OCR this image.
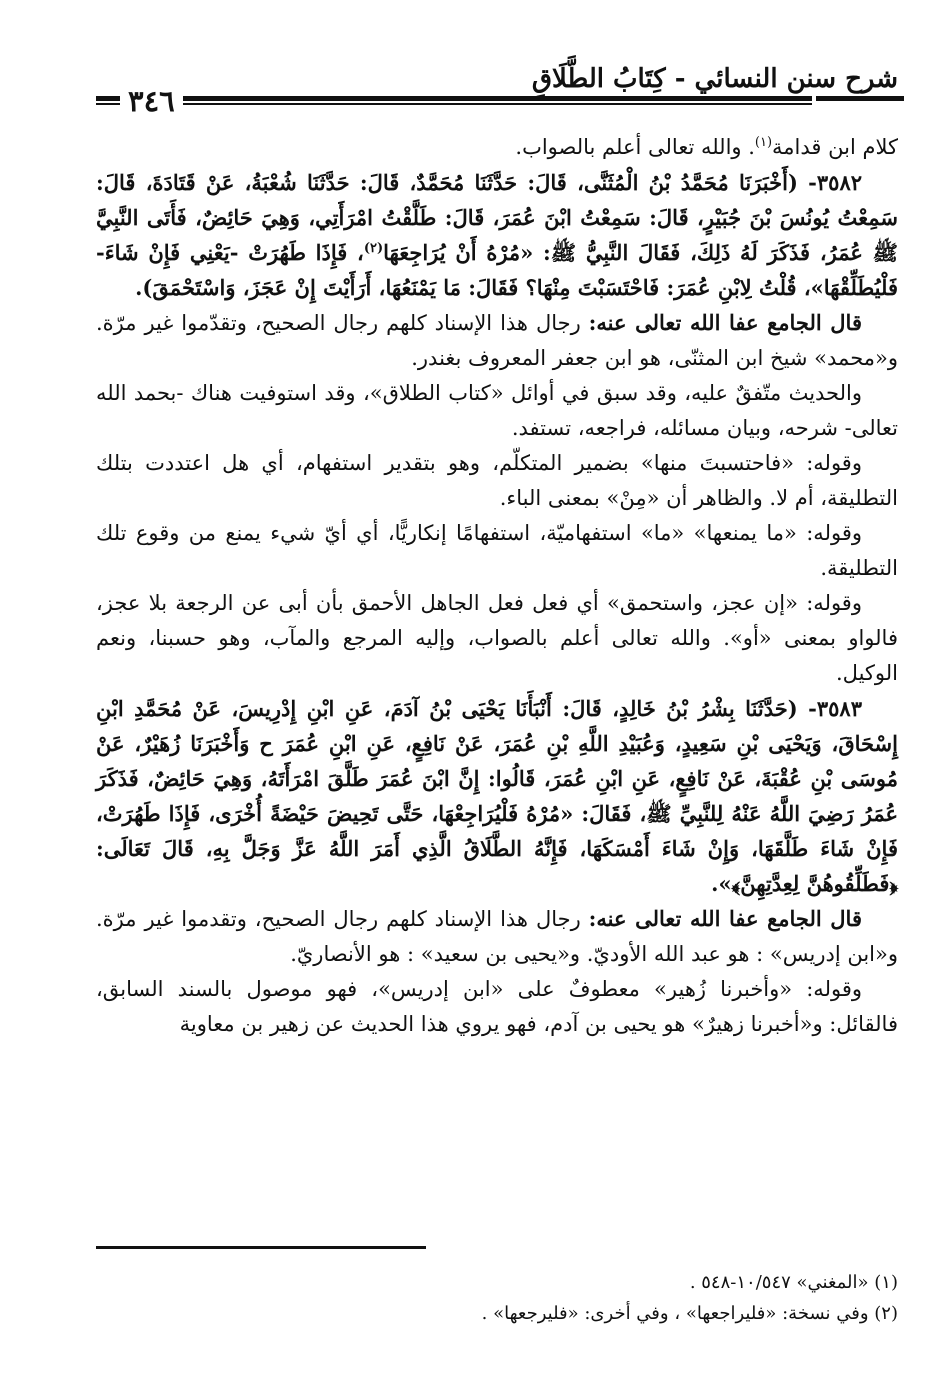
شرح سنن النسائي - كِتَابُ الطَّلَاقِ
٣٤٦

كلام ابن قدامة$^{(١)}$. والله تعالى أعلم بالصواب.

٣٥٨٢- (أَخْبَرَنَا مُحَمَّدُ بْنُ الْمُثَنَّى، قَالَ: حَدَّثَنَا مُحَمَّدٌ، قَالَ: حَدَّثَنَا شُعْبَةُ، عَنْ قَتَادَةَ، قَالَ: سَمِعْتُ يُونُسَ بْنَ جُبَيْرٍ، قَالَ: سَمِعْتُ ابْنَ عُمَرَ، قَالَ: طَلَّقْتُ امْرَأَتِي، وَهِيَ حَائِضٌ، فَأَتَى النَّبِيَّ ﷺ عُمَرُ، فَذَكَرَ لَهُ ذَلِكَ، فَقَالَ النَّبِيُّ ﷺ: «مُرْهُ أَنْ يُرَاجِعَهَا$^{(٢)}$، فَإِذَا طَهُرَتْ -يَعْنِي فَإِنْ شَاءَ- فَلْيُطَلِّقْهَا»، قُلْتُ لِابْنِ عُمَرَ: فَاحْتَسَبْتَ مِنْهَا؟ فَقَالَ: مَا يَمْنَعُهَا، أَرَأَيْتَ إِنْ عَجَزَ، وَاسْتَحْمَقَ).

قال الجامع عفا الله تعالى عنه: رجال هذا الإسناد كلهم رجال الصحيح، وتقدّموا غير مرّة. و«محمد» شيخ ابن المثنّى، هو ابن جعفر المعروف بغندر.

والحديث متّفقٌ عليه، وقد سبق في أوائل «كتاب الطلاق»، وقد استوفيت هناك -بحمد الله تعالى- شرحه، وبيان مسائله، فراجعه، تستفد.

وقوله: «فاحتسبتَ منها» بضمير المتكلّم، وهو بتقدير استفهام، أي هل اعتددت بتلك التطليقة، أم لا. والظاهر أن «مِنْ» بمعنى الباء.

وقوله: «ما يمنعها» «ما» استفهاميّة، استفهامًا إنكاريًّا، أي أيّ شيء يمنع من وقوع تلك التطليقة.

وقوله: «إن عجز، واستحمق» أي فعل فعل الجاهل الأحمق بأن أبى عن الرجعة بلا عجز، فالواو بمعنى «أو». والله تعالى أعلم بالصواب، وإليه المرجع والمآب، وهو حسبنا، ونعم الوكيل.

٣٥٨٣- (حَدَّثَنَا بِشْرُ بْنُ خَالِدٍ، قَالَ: أَنْبَأَنَا يَحْيَى بْنُ آدَمَ، عَنِ ابْنِ إِدْرِيسَ، عَنْ مُحَمَّدِ ابْنِ إِسْحَاقَ، وَيَحْيَى بْنِ سَعِيدٍ، وَعُبَيْدِ اللَّهِ بْنِ عُمَرَ، عَنْ نَافِعٍ، عَنِ ابْنِ عُمَرَ ح وَأَخْبَرَنَا زُهَيْرٌ، عَنْ مُوسَى بْنِ عُقْبَةَ، عَنْ نَافِعٍ، عَنِ ابْنِ عُمَرَ، قَالُوا: إِنَّ ابْنَ عُمَرَ طَلَّقَ امْرَأَتَهُ، وَهِيَ حَائِضٌ، فَذَكَرَ عُمَرُ رَضِيَ اللَّهُ عَنْهُ لِلنَّبِيِّ ﷺ، فَقَالَ: «مُرْهُ فَلْيُرَاجِعْهَا، حَتَّى تَحِيضَ حَيْضَةً أُخْرَى، فَإِذَا طَهُرَتْ، فَإِنْ شَاءَ طَلَّقَهَا، وَإِنْ شَاءَ أَمْسَكَهَا، فَإِنَّهُ الطَّلَاقُ الَّذِي أَمَرَ اللَّهُ عَزَّ وَجَلَّ بِهِ، قَالَ تَعَالَى: ﴿فَطَلِّقُوهُنَّ لِعِدَّتِهِنَّ﴾».

قال الجامع عفا الله تعالى عنه: رجال هذا الإسناد كلهم رجال الصحيح، وتقدموا غير مرّة. و«ابن إدريس» : هو عبد الله الأوديّ. و«يحيى بن سعيد» : هو الأنصاريّ.

وقوله: «وأخبرنا زُهير» معطوفٌ على «ابن إدريس»، فهو موصول بالسند السابق، فالقائل: و«أخبرنا زهيرٌ» هو يحيى بن آدم، فهو يروي هذا الحديث عن زهير بن معاوية

(١) «المغني» ١٠/٥٤٧-٥٤٨ .

(٢) وفي نسخة: «فليراجعها» ، وفي أخرى: «فليرجعها» .
